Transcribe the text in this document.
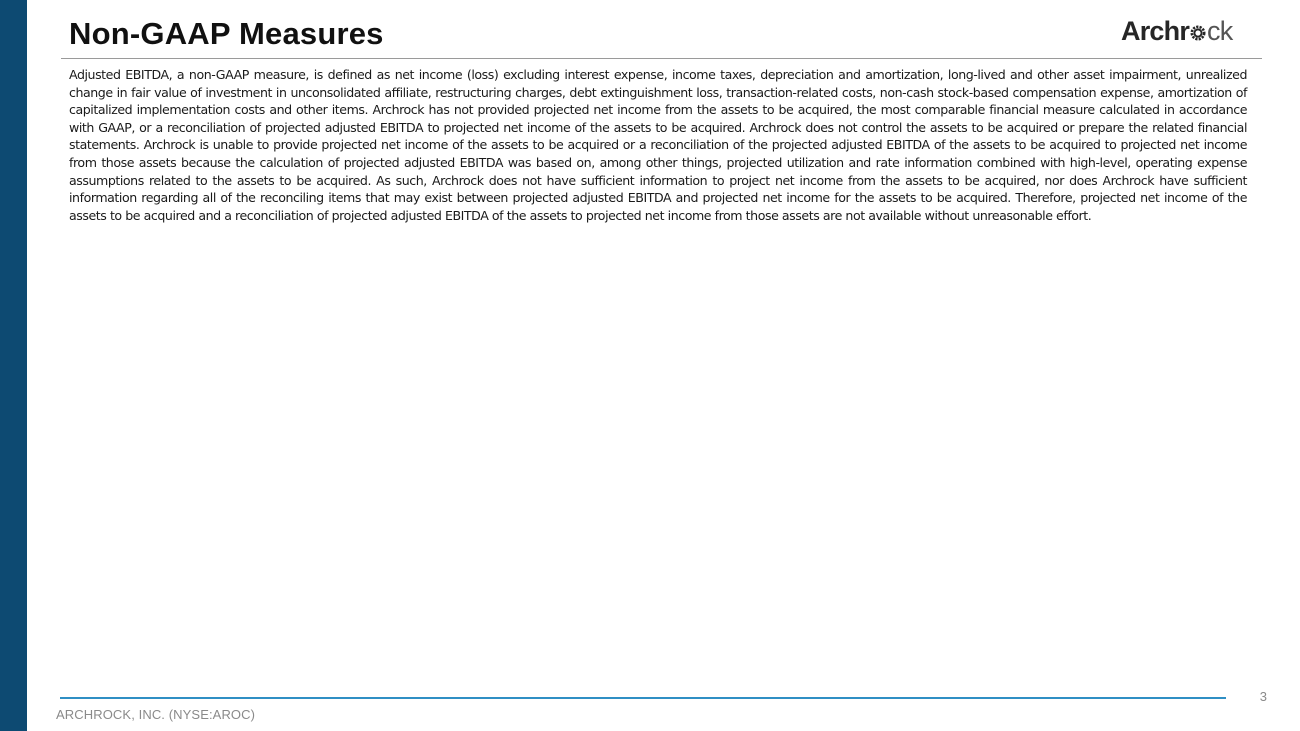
Non-GAAP Measures	Arch r ck

Adjusted EBITDA, a non-GAAP measure, is defined as net income (loss) excluding interest expense, income taxes, depreciation and amortization, long-lived and other asset impairment, unrealized change in fair value of investment in unconsolidated affiliate, restructuring charges, debt extinguishment loss, transaction-related costs, non-cash stock-based compensation expense, amortization of capitalized implementation costs and other items. Archrock has not provided projected net income from the assets to be acquired, the most comparable financial measure calculated in accordance with GAAP, or a reconciliation of projected adjusted EBITDA to projected net income of the assets to be acquired. Archrock does not control the assets to be acquired or prepare the related financial statements. Archrock is unable to provide projected net income of the assets to be acquired or a reconciliation of the projected adjusted EBITDA of the assets to be acquired to projected net income from those assets because the calculation of projected adjusted EBITDA was based on, among other things, projected utilization and rate information combined with high-level, operating expense assumptions related to the assets to be acquired. As such, Archrock does not have sufficient information to project net income from the assets to be acquired, nor does Archrock have sufficient information regarding all of the reconciling items that may exist between projected adjusted EBITDA and projected net income for the assets to be acquired. Therefore, projected net income of the assets to be acquired and a reconciliation of projected adjusted EBITDA of the assets to projected net income from those assets are not available without unreasonable effort.

3
ARCHROCK, INC. (NYSE:AROC)
